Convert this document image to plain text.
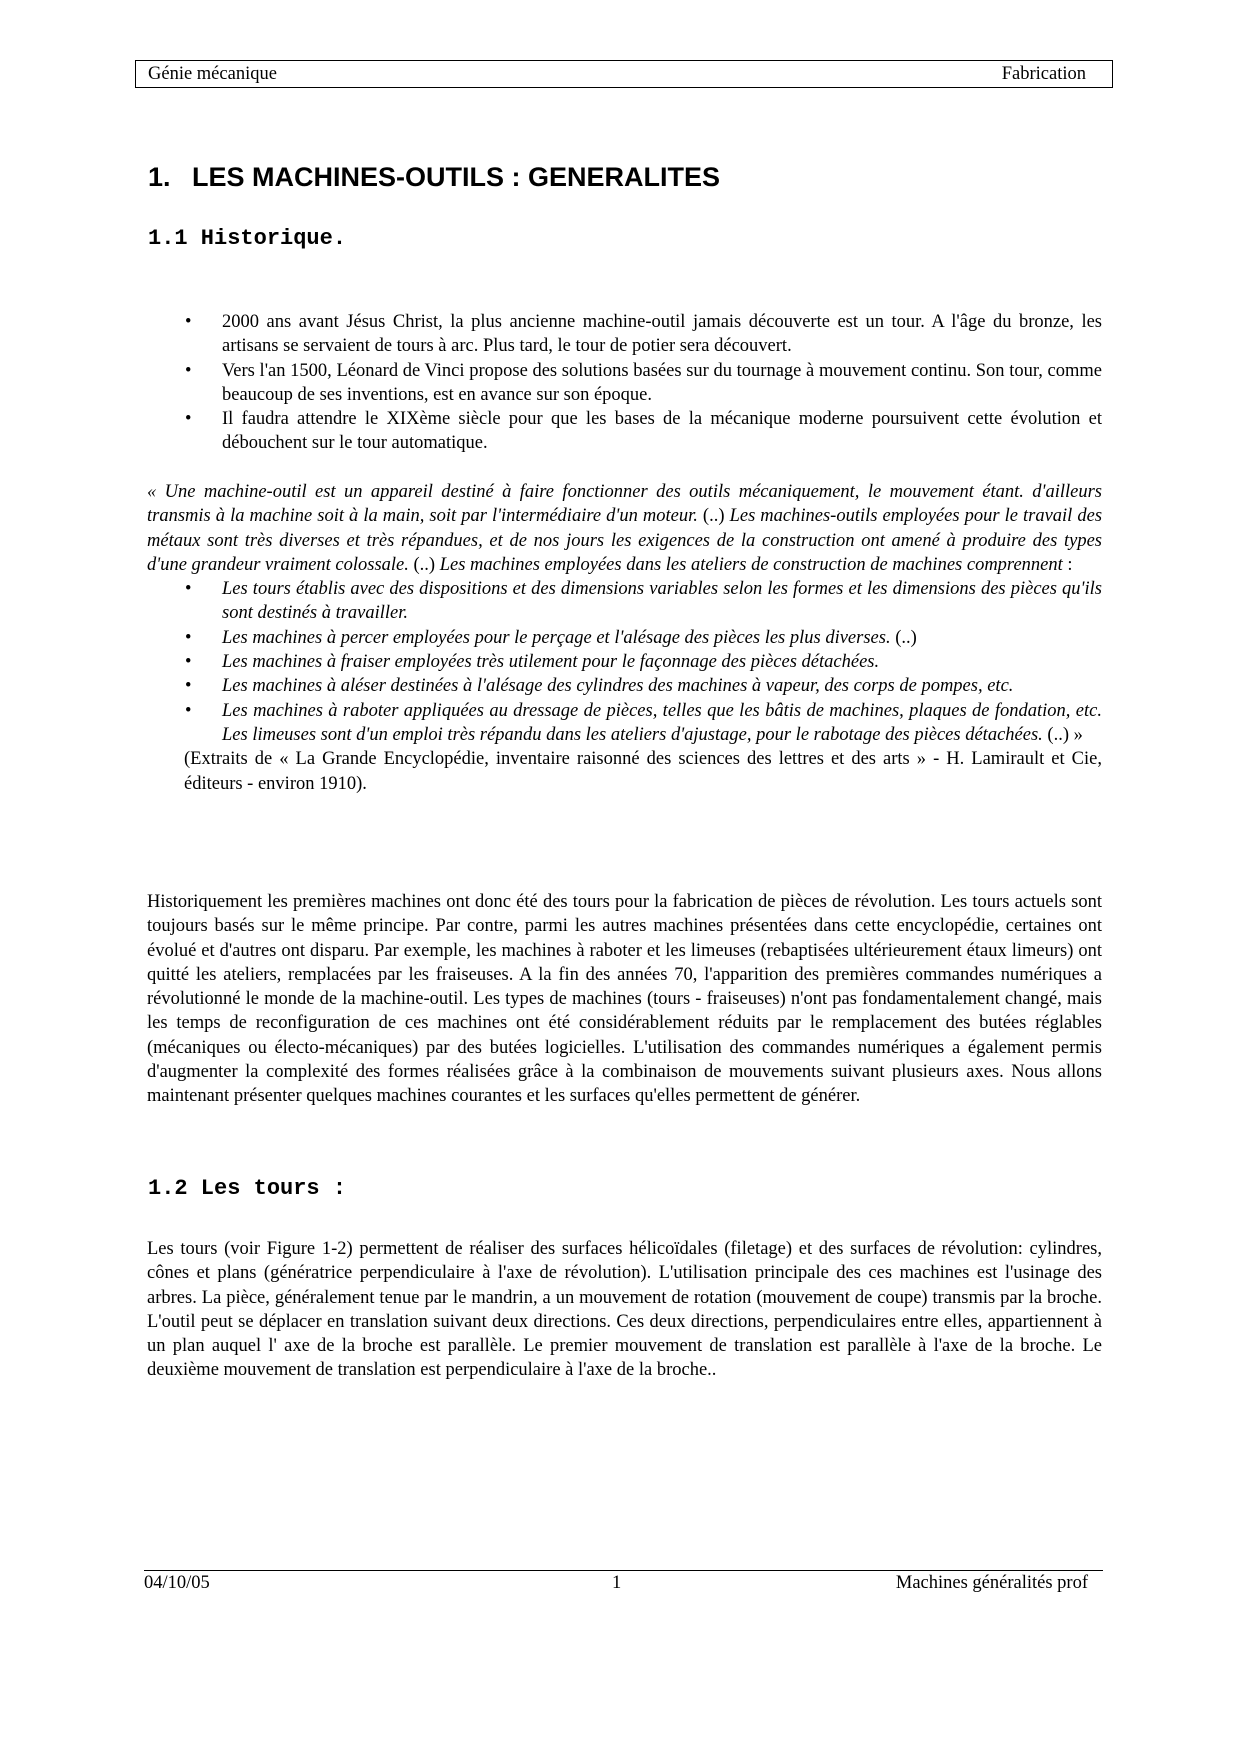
Génie mécanique	Fabrication
1. LES MACHINES-OUTILS : GENERALITES
1.1 Historique.
• 2000 ans avant Jésus Christ, la plus ancienne machine-outil jamais découverte est un tour. A l'âge du bronze, les artisans se servaient de tours à arc. Plus tard, le tour de potier sera découvert.
• Vers l'an 1500, Léonard de Vinci propose des solutions basées sur du tournage à mouvement continu. Son tour, comme beaucoup de ses inventions, est en avance sur son époque.
• Il faudra attendre le XIXème siècle pour que les bases de la mécanique moderne poursuivent cette évolution et débouchent sur le tour automatique.

« Une machine-outil est un appareil destiné à faire fonctionner des outils mécaniquement, le mouvement étant. d'ailleurs transmis à la machine soit à la main, soit par l'intermédiaire d'un moteur. (..) Les machines-outils employées pour le travail des métaux sont très diverses et très répandues, et de nos jours les exigences de la construction ont amené à produire des types d'une grandeur vraiment colossale. (..) Les machines employées dans les ateliers de construction de machines comprennent :

• Les tours établis avec des dispositions et des dimensions variables selon les formes et les dimensions des pièces qu'ils sont destinés à travailler.
• Les machines à percer employées pour le perçage et l'alésage des pièces les plus diverses. (..)
• Les machines à fraiser employées très utilement pour le façonnage des pièces détachées.
• Les machines à aléser destinées à l'alésage des cylindres des machines à vapeur, des corps de pompes, etc.
• Les machines à raboter appliquées au dressage de pièces, telles que les bâtis de machines, plaques de fondation, etc. Les limeuses sont d'un emploi très répandu dans les ateliers d'ajustage, pour le rabotage des pièces détachées. (..) »

(Extraits de « La Grande Encyclopédie, inventaire raisonné des sciences des lettres et des arts » - H. Lamirault et Cie, éditeurs - environ 1910).

Historiquement les premières machines ont donc été des tours pour la fabrication de pièces de révolution. Les tours actuels sont toujours basés sur le même principe. Par contre, parmi les autres machines présentées dans cette encyclopédie, certaines ont évolué et d'autres ont disparu. Par exemple, les machines à raboter et les limeuses (rebaptisées ultérieurement étaux limeurs) ont quitté les ateliers, remplacées par les fraiseuses. A la fin des années 70, l'apparition des premières commandes numériques a révolutionné le monde de la machine-outil. Les types de machines (tours - fraiseuses) n'ont pas fondamentalement changé, mais les temps de reconfiguration de ces machines ont été considérablement réduits par le remplacement des butées réglables (mécaniques ou électo-mécaniques) par des butées logicielles. L'utilisation des commandes numériques a également permis d'augmenter la complexité des formes réalisées grâce à la combinaison de mouvements suivant plusieurs axes. Nous allons maintenant présenter quelques machines courantes et les surfaces qu'elles permettent de générer.

1.2 Les tours :

Les tours (voir Figure 1-2) permettent de réaliser des surfaces hélicoïdales (filetage) et des surfaces de révolution: cylindres, cônes et plans (génératrice perpendiculaire à l'axe de révolution). L'utilisation principale des ces machines est l'usinage des arbres. La pièce, généralement tenue par le mandrin, a un mouvement de rotation (mouvement de coupe) transmis par la broche. L'outil peut se déplacer en translation suivant deux directions. Ces deux directions, perpendiculaires entre elles, appartiennent à un plan auquel l' axe de la broche est parallèle. Le premier mouvement de translation est parallèle à l'axe de la broche. Le deuxième mouvement de translation est perpendiculaire à l'axe de la broche..

04/10/05	1	Machines généralités prof
